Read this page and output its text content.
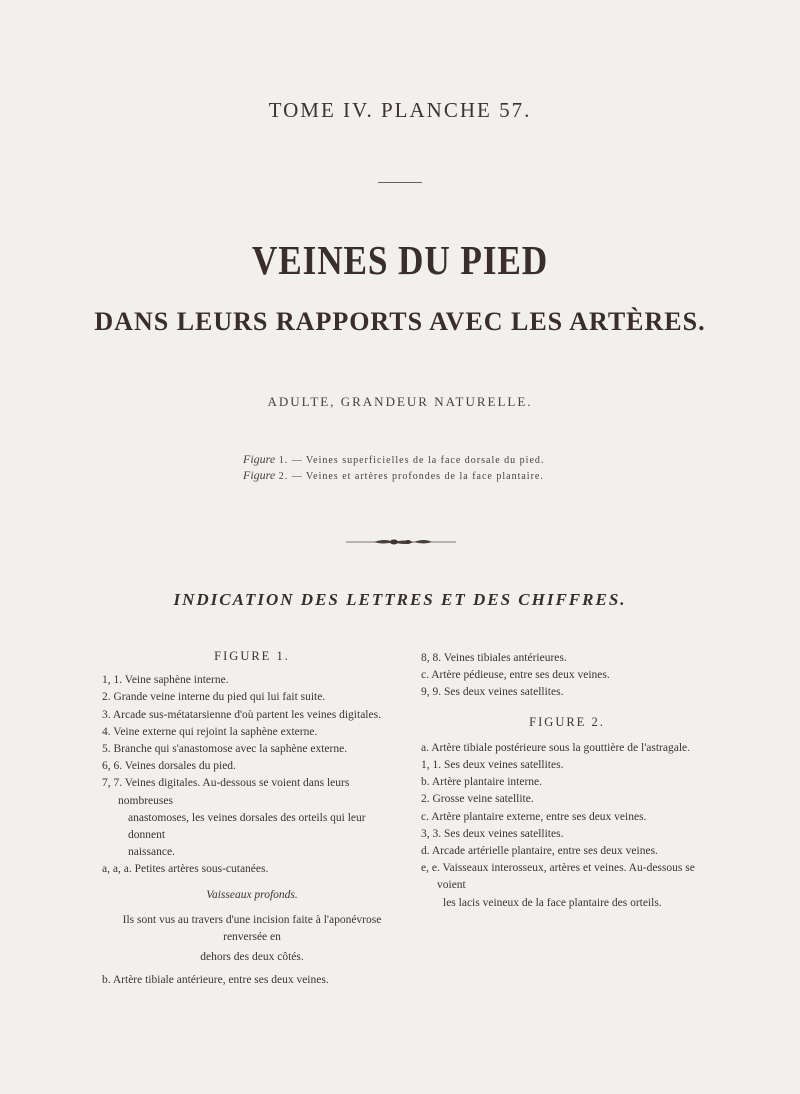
TOME IV. PLANCHE 57.
VEINES DU PIED
DANS LEURS RAPPORTS AVEC LES ARTÈRES.
ADULTE, GRANDEUR NATURELLE.
Figure 1. — Veines superficielles de la face dorsale du pied.
Figure 2. — Veines et artères profondes de la face plantaire.
INDICATION DES LETTRES ET DES CHIFFRES.
FIGURE 1.
1, 1. Veine saphène interne.
2. Grande veine interne du pied qui lui fait suite.
3. Arcade sus-métatarsienne d'où partent les veines digitales.
4. Veine externe qui rejoint la saphène externe.
5. Branche qui s'anastomose avec la saphène externe.
6, 6. Veines dorsales du pied.
7, 7. Veines digitales. Au-dessous se voient dans leurs nombreuses
anastomoses, les veines dorsales des orteils qui leur donnent
naissance.
a, a, a. Petites artères sous-cutanées.
Vaisseaux profonds.
Ils sont vus au travers d'une incision faite à l'aponévrose renversée en
dehors des deux côtés.
b. Artère tibiale antérieure, entre ses deux veines.
8, 8. Veines tibiales antérieures.
c. Artère pédieuse, entre ses deux veines.
9, 9. Ses deux veines satellites.
FIGURE 2.
a. Artère tibiale postérieure sous la gouttière de l'astragale.
1, 1. Ses deux veines satellites.
b. Artère plantaire interne.
2. Grosse veine satellite.
c. Artère plantaire externe, entre ses deux veines.
3, 3. Ses deux veines satellites.
d. Arcade artérielle plantaire, entre ses deux veines.
e, e. Vaisseaux interosseux, artères et veines. Au-dessous se voient
les lacis veineux de la face plantaire des orteils.
